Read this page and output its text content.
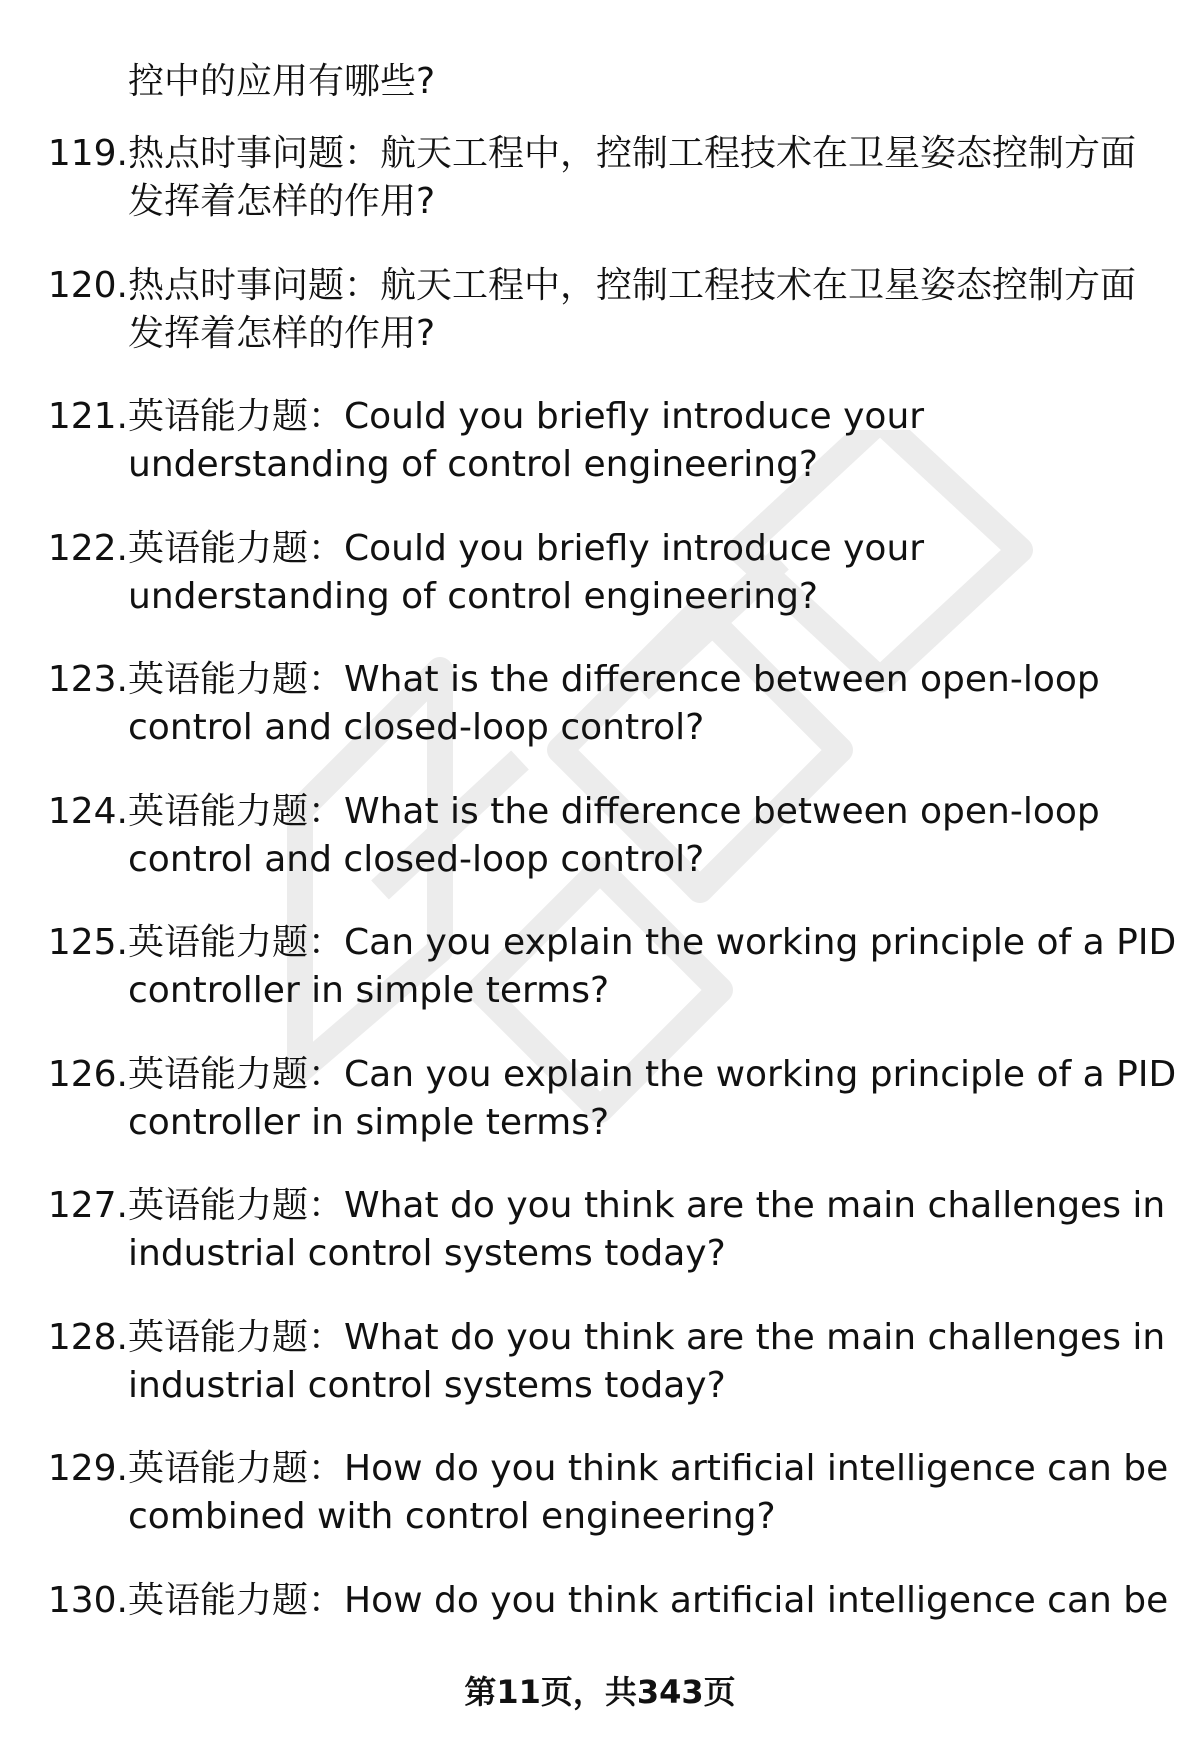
控中的应用有哪些?
119. 热点时事问题：航天工程中，控制工程技术在卫星姿态控制方面
发挥着怎样的作用?
120. 热点时事问题：航天工程中，控制工程技术在卫星姿态控制方面
发挥着怎样的作用?
121. 英语能力题：Could you briefly introduce your
understanding of control engineering?
122. 英语能力题：Could you briefly introduce your
understanding of control engineering?
123. 英语能力题：What is the difference between open-loop
control and closed-loop control?
124. 英语能力题：What is the difference between open-loop
control and closed-loop control?
125. 英语能力题：Can you explain the working principle of a PID
controller in simple terms?
126. 英语能力题：Can you explain the working principle of a PID
controller in simple terms?
127. 英语能力题：What do you think are the main challenges in
industrial control systems today?
128. 英语能力题：What do you think are the main challenges in
industrial control systems today?
129. 英语能力题：How do you think artificial intelligence can be
combined with control engineering?
130. 英语能力题：How do you think artificial intelligence can be
第11页，共343页
